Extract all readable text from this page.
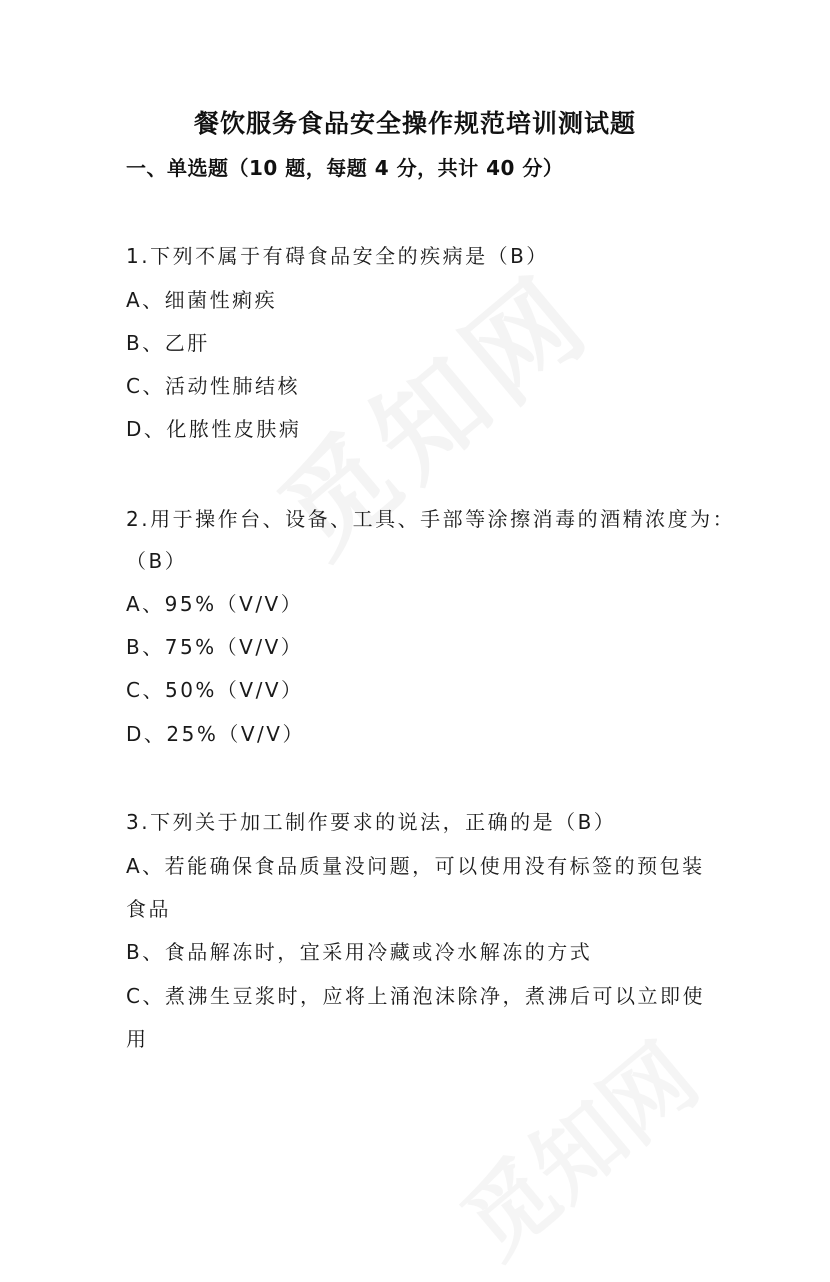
餐饮服务食品安全操作规范培训测试题
一、单选题（10 题，每题 4 分，共计 40 分）
1.下列不属于有碍食品安全的疾病是（B）
A、细菌性痢疾
B、乙肝
C、活动性肺结核
D、化脓性皮肤病
2.用于操作台、设备、工具、手部等涂擦消毒的酒精浓度为：
（B）
A、95%（V/V）
B、75%（V/V）
C、50%（V/V）
D、25%（V/V）
3.下列关于加工制作要求的说法，正确的是（B）
A、若能确保食品质量没问题，可以使用没有标签的预包装
食品
B、食品解冻时，宜采用冷藏或冷水解冻的方式
C、煮沸生豆浆时，应将上涌泡沫除净，煮沸后可以立即使
用
